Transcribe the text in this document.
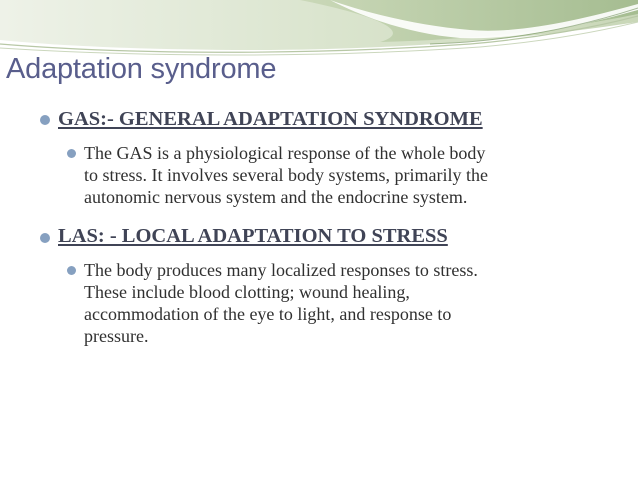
Adaptation syndrome
GAS:- GENERAL ADAPTATION SYNDROME
The GAS is a physiological response of the whole body
to stress. It involves several body systems, primarily the
autonomic nervous system and the endocrine system.
LAS: - LOCAL ADAPTATION TO STRESS
The body produces many localized responses to stress.
These include blood clotting; wound healing,
accommodation of the eye to light, and response to
pressure.
